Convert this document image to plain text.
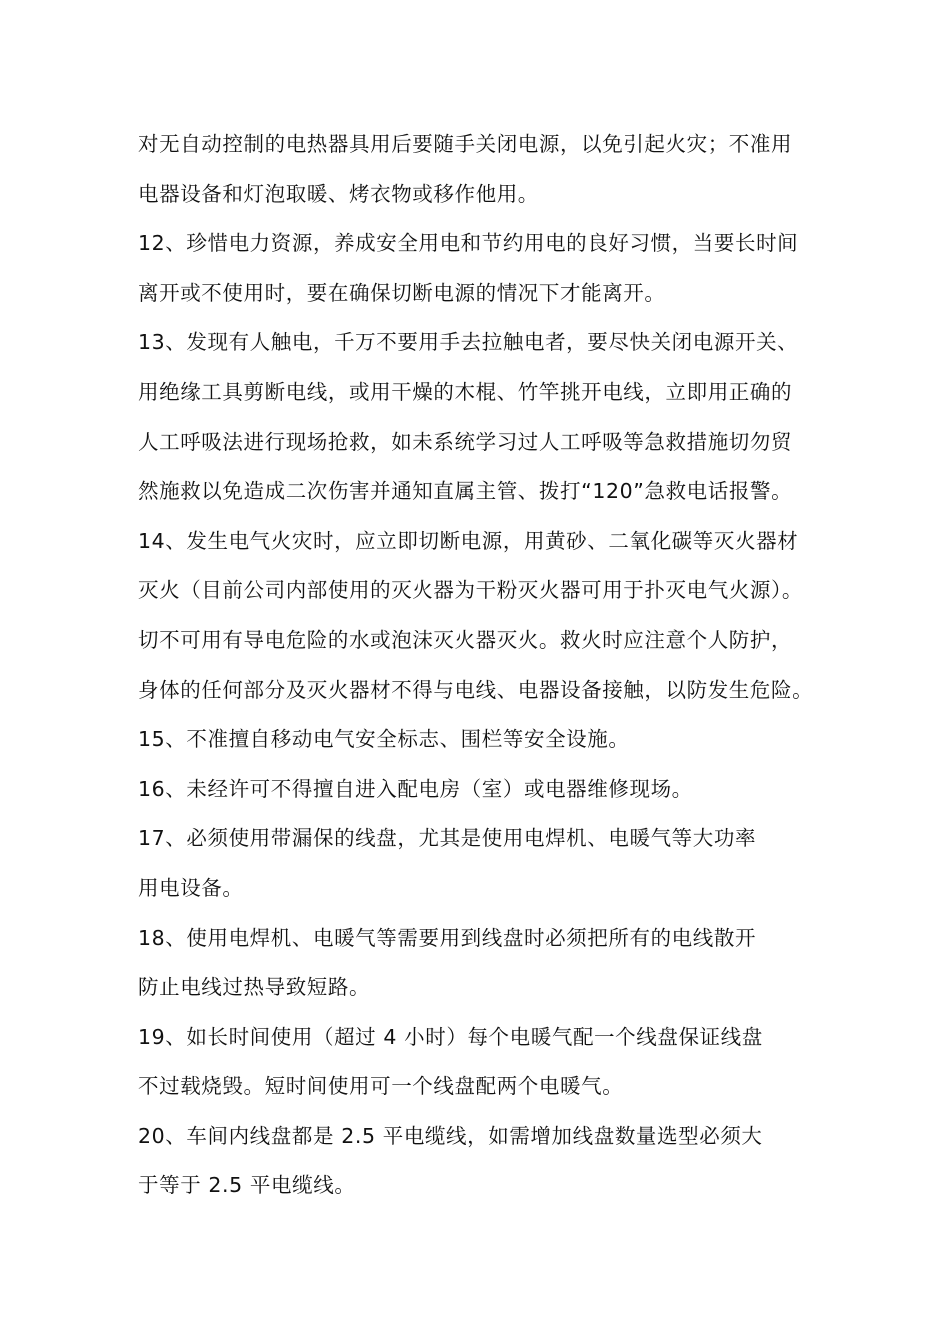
对无自动控制的电热器具用后要随手关闭电源，以免引起火灾；不准用
电器设备和灯泡取暖、烤衣物或移作他用。
12、珍惜电力资源，养成安全用电和节约用电的良好习惯，当要长时间
离开或不使用时，要在确保切断电源的情况下才能离开。
13、发现有人触电，千万不要用手去拉触电者，要尽快关闭电源开关、
用绝缘工具剪断电线，或用干燥的木棍、竹竿挑开电线，立即用正确的
人工呼吸法进行现场抢救，如未系统学习过人工呼吸等急救措施切勿贸
然施救以免造成二次伤害并通知直属主管、拨打“120”急救电话报警。
14、发生电气火灾时，应立即切断电源，用黄砂、二氧化碳等灭火器材
灭火（目前公司内部使用的灭火器为干粉灭火器可用于扑灭电气火源）。
切不可用有导电危险的水或泡沫灭火器灭火。救火时应注意个人防护，
身体的任何部分及灭火器材不得与电线、电器设备接触，以防发生危险。
15、不准擅自移动电气安全标志、围栏等安全设施。
16、未经许可不得擅自进入配电房（室）或电器维修现场。
17、必须使用带漏保的线盘，尤其是使用电焊机、电暖气等大功率
用电设备。
18、使用电焊机、电暖气等需要用到线盘时必须把所有的电线散开
防止电线过热导致短路。
19、如长时间使用（超过 4 小时）每个电暖气配一个线盘保证线盘
不过载烧毁。短时间使用可一个线盘配两个电暖气。
20、车间内线盘都是 2.5 平电缆线，如需增加线盘数量选型必须大
于等于 2.5 平电缆线。
